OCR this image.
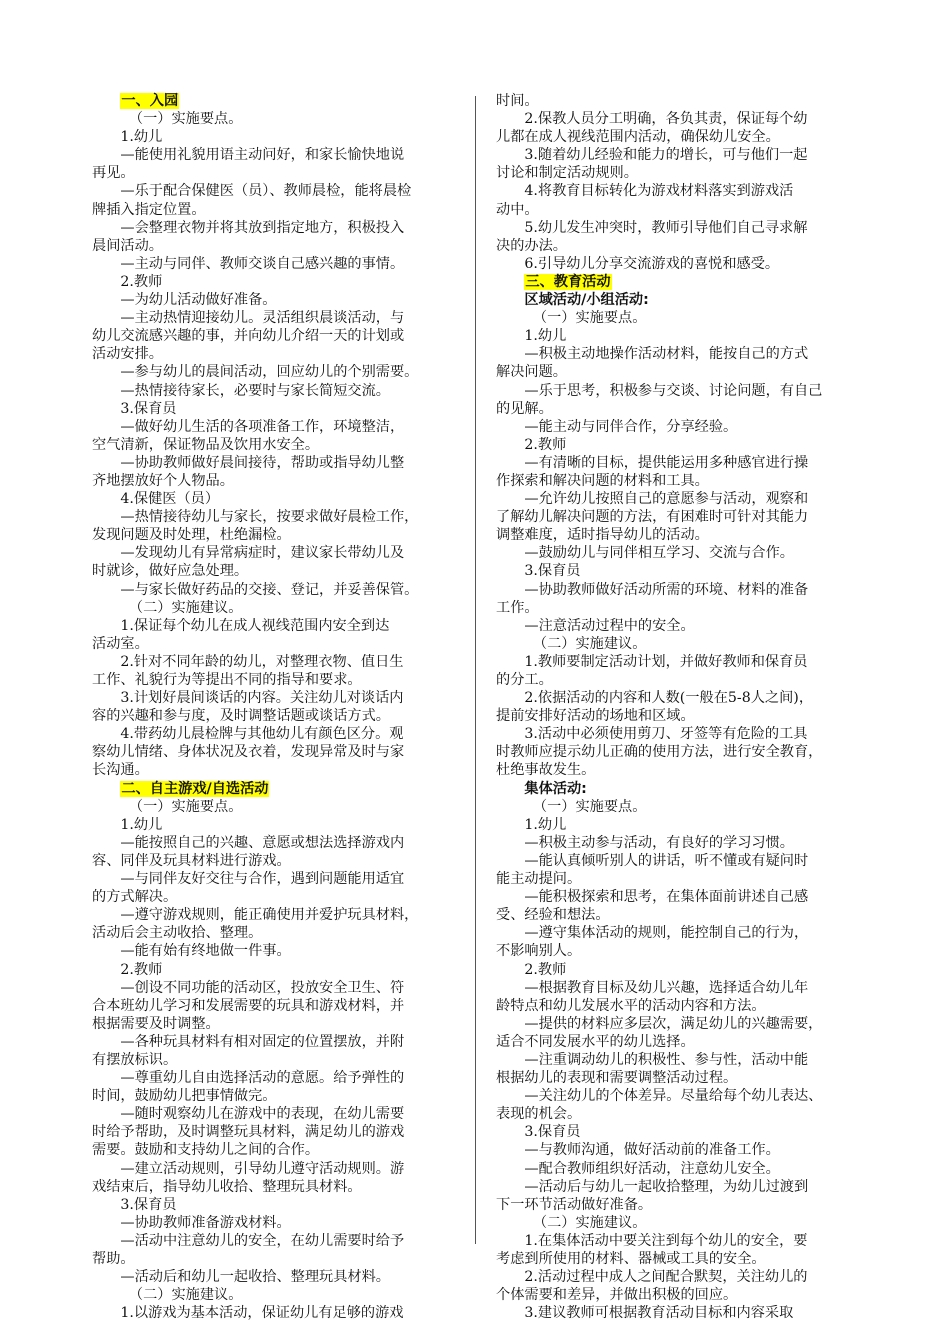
一、入园
（一）实施要点。
1.幼儿
—能使用礼貌用语主动问好，和家长愉快地说
再见。
—乐于配合保健医（员）、教师晨检，能将晨检
牌插入指定位置。
—会整理衣物并将其放到指定地方，积极投入
晨间活动。
—主动与同伴、教师交谈自己感兴趣的事情。
2.教师
—为幼儿活动做好准备。
—主动热情迎接幼儿。灵活组织晨谈活动，与
幼儿交流感兴趣的事，并向幼儿介绍一天的计划或
活动安排。
—参与幼儿的晨间活动，回应幼儿的个别需要。
—热情接待家长，必要时与家长简短交流。
3.保育员
—做好幼儿生活的各项准备工作，环境整洁，
空气清新，保证物品及饮用水安全。
—协助教师做好晨间接待，帮助或指导幼儿整
齐地摆放好个人物品。
4.保健医（员）
—热情接待幼儿与家长，按要求做好晨检工作，
发现问题及时处理，杜绝漏检。
—发现幼儿有异常病症时，建议家长带幼儿及
时就诊，做好应急处理。
—与家长做好药品的交接、登记，并妥善保管。
（二）实施建议。
1.保证每个幼儿在成人视线范围内安全到达
活动室。
2.针对不同年龄的幼儿，对整理衣物、值日生
工作、礼貌行为等提出不同的指导和要求。
3.计划好晨间谈话的内容。关注幼儿对谈话内
容的兴趣和参与度，及时调整话题或谈话方式。
4.带药幼儿晨检牌与其他幼儿有颜色区分。观
察幼儿情绪、身体状况及衣着，发现异常及时与家
长沟通。
二、自主游戏/自选活动
（一）实施要点。
1.幼儿
—能按照自己的兴趣、意愿或想法选择游戏内
容、同伴及玩具材料进行游戏。
—与同伴友好交往与合作，遇到问题能用适宜
的方式解决。
—遵守游戏规则，能正确使用并爱护玩具材料，
活动后会主动收拾、整理。
—能有始有终地做一件事。
2.教师
—创设不同功能的活动区，投放安全卫生、符
合本班幼儿学习和发展需要的玩具和游戏材料，并
根据需要及时调整。
—各种玩具材料有相对固定的位置摆放，并附
有摆放标识。
—尊重幼儿自由选择活动的意愿。给予弹性的
时间，鼓励幼儿把事情做完。
—随时观察幼儿在游戏中的表现，在幼儿需要
时给予帮助，及时调整玩具材料，满足幼儿的游戏
需要。鼓励和支持幼儿之间的合作。
—建立活动规则，引导幼儿遵守活动规则。游
戏结束后，指导幼儿收拾、整理玩具材料。
3.保育员
—协助教师准备游戏材料。
—活动中注意幼儿的安全，在幼儿需要时给予
帮助。
—活动后和幼儿一起收拾、整理玩具材料。
（二）实施建议。
1.以游戏为基本活动，保证幼儿有足够的游戏
时间。
2.保教人员分工明确，各负其责，保证每个幼
儿都在成人视线范围内活动，确保幼儿安全。
3.随着幼儿经验和能力的增长，可与他们一起
讨论和制定活动规则。
4.将教育目标转化为游戏材料落实到游戏活
动中。
5.幼儿发生冲突时，教师引导他们自己寻求解
决的办法。
6.引导幼儿分享交流游戏的喜悦和感受。
三、教育活动
区域活动/小组活动:
（一）实施要点。
1.幼儿
—积极主动地操作活动材料，能按自己的方式
解决问题。
—乐于思考，积极参与交谈、讨论问题，有自己
的见解。
—能主动与同伴合作，分享经验。
2.教师
—有清晰的目标，提供能运用多种感官进行操
作探索和解决问题的材料和工具。
—允许幼儿按照自己的意愿参与活动，观察和
了解幼儿解决问题的方法，有困难时可针对其能力
调整难度，适时指导幼儿的活动。
—鼓励幼儿与同伴相互学习、交流与合作。
3.保育员
—协助教师做好活动所需的环境、材料的准备
工作。
—注意活动过程中的安全。
（二）实施建议。
1.教师要制定活动计划，并做好教师和保育员
的分工。
2.依据活动的内容和人数(一般在5-8人之间)，
提前安排好活动的场地和区域。
3.活动中必须使用剪刀、牙签等有危险的工具
时教师应提示幼儿正确的使用方法，进行安全教育，
杜绝事故发生。
集体活动:
（一）实施要点。
1.幼儿
—积极主动参与活动，有良好的学习习惯。
—能认真倾听别人的讲话，听不懂或有疑问时
能主动提问。
—能积极探索和思考，在集体面前讲述自己感
受、经验和想法。
—遵守集体活动的规则，能控制自己的行为，
不影响别人。
2.教师
—根据教育目标及幼儿兴趣，选择适合幼儿年
龄特点和幼儿发展水平的活动内容和方法。
—提供的材料应多层次，满足幼儿的兴趣需要，
适合不同发展水平的幼儿选择。
—注重调动幼儿的积极性、参与性，活动中能
根据幼儿的表现和需要调整活动过程。
—关注幼儿的个体差异。尽量给每个幼儿表达、
表现的机会。
3.保育员
—与教师沟通，做好活动前的准备工作。
—配合教师组织好活动，注意幼儿安全。
—活动后与幼儿一起收拾整理，为幼儿过渡到
下一环节活动做好准备。
（二）实施建议。
1.在集体活动中要关注到每个幼儿的安全，要
考虑到所使用的材料、器械或工具的安全。
2.活动过程中成人之间配合默契，关注幼儿的
个体需要和差异，并做出积极的回应。
3.建议教师可根据教育活动目标和内容采取
